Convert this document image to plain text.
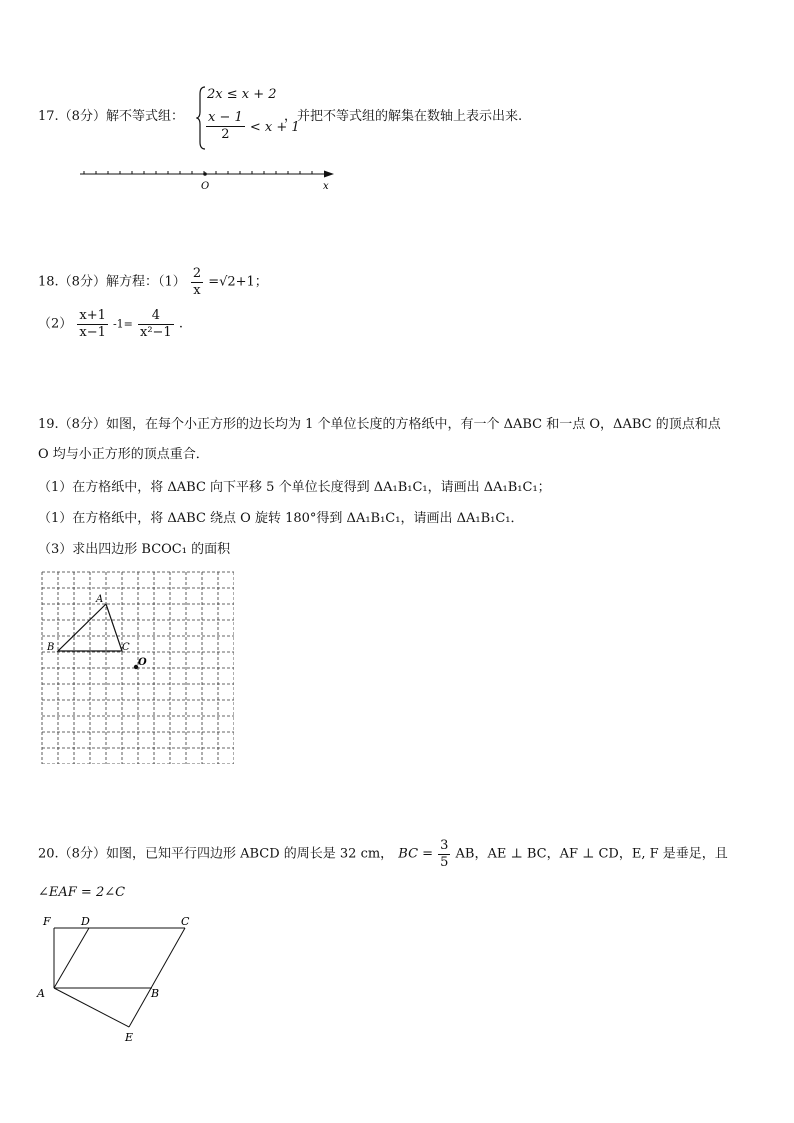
17.（8分）解不等式组：
2x ≤ x + 2
$\frac{x - 1}{2} < x + 1$
，并把不等式组的解集在数轴上表示出来.
O	x
18.（8分）解方程：$(1) \frac{2}{x} =√2+1$；
$(2) \frac{x+1}{x-1} -1= \frac{4}{\text{x²−1}}$ .
19.（8分）如图，在每个小正方形的边长均为 1 个单位长度的方格纸中，有一个 ΔABC 和一点 O，ΔABC 的顶点和点
O 均与小正方形的顶点重合．
（1）在方格纸中，将 ΔABC 向下平移 5 个单位长度得到 ΔA₁B₁C₁，请画出 ΔA₁B₁C₁；
（1）在方格纸中，将 ΔABC 绕点 O 旋转 180°得到 ΔA₁B₁C₁，请画出 ΔA₁B₁C₁．
（3）求出四边形 BCOC₁ 的面积
A
B	C
O
20.（8分）如图，已知平行四边形 ABCD 的周长是 32 cm， BC = $\frac{3}{5}$ AB，AE ⊥ BC，AF ⊥ CD，E, F 是垂足，且
∠EAF = 2∠C
F	D	C
A	B
E
